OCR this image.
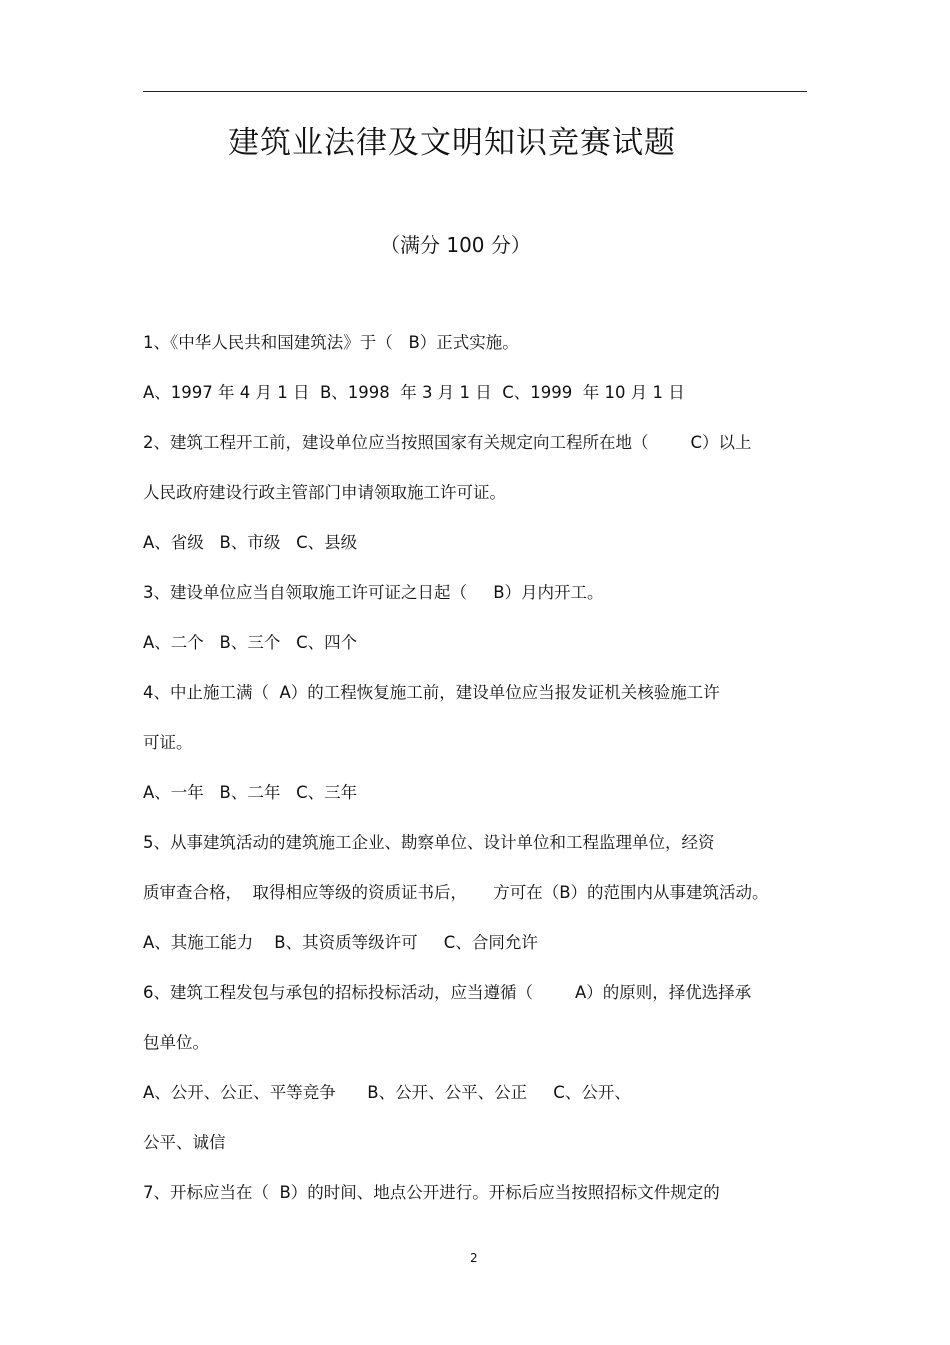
建筑业法律及文明知识竞赛试题
（满分 100 分）
1、《中华人民共和国建筑法》于（   B）正式实施。
A、1997 年 4 月 1 日  B、1998  年 3 月 1 日  C、1999  年 10 月 1 日
2、建筑工程开工前，建设单位应当按照国家有关规定向工程所在地（        C）以上
人民政府建设行政主管部门申请领取施工许可证。
A、省级   B、市级   C、县级
3、建设单位应当自领取施工许可证之日起（     B）月内开工。
A、二个   B、三个   C、四个
4、中止施工满（  A）的工程恢复施工前，建设单位应当报发证机关核验施工许
可证。
A、一年   B、二年   C、三年
5、从事建筑活动的建筑施工企业、勘察单位、设计单位和工程监理单位，经资
质审查合格，  取得相应等级的资质证书后，     方可在（B）的范围内从事建筑活动。
A、其施工能力    B、其资质等级许可     C、合同允许
6、建筑工程发包与承包的招标投标活动，应当遵循（        A）的原则，择优选择承
包单位。
A、公开、公正、平等竞争      B、公开、公平、公正     C、公开、
公平、诚信
7、开标应当在（  B）的时间、地点公开进行。开标后应当按照招标文件规定的
2
